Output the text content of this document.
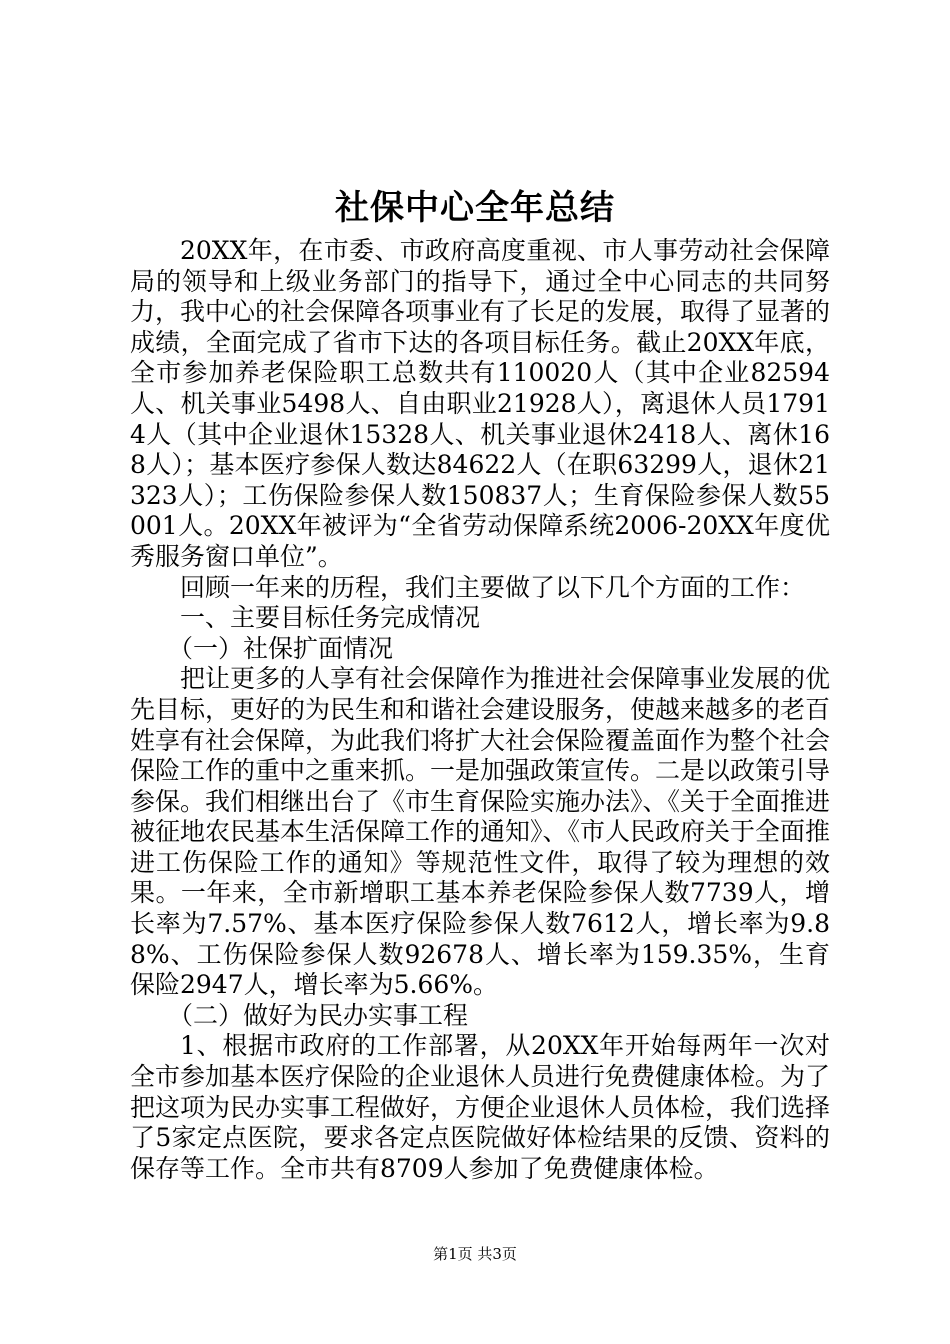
社保中心全年总结

20XX年，在市委、市政府高度重视、市人事劳动社会保障局的领导和上级业务部门的指导下，通过全中心同志的共同努力，我中心的社会保障各项事业有了长足的发展，取得了显著的成绩，全面完成了省市下达的各项目标任务。截止20XX年底，全市参加养老保险职工总数共有110020人（其中企业82594人、机关事业5498人、自由职业21928人），离退休人员17914人（其中企业退休15328人、机关事业退休2418人、离休168人）；基本医疗参保人数达84622人（在职63299人，退休21323人）；工伤保险参保人数150837人；生育保险参保人数55001人。20XX年被评为“全省劳动保障系统2006-20XX年度优秀服务窗口单位”。

回顾一年来的历程，我们主要做了以下几个方面的工作：

一、主要目标任务完成情况

（一）社保扩面情况

把让更多的人享有社会保障作为推进社会保障事业发展的优先目标，更好的为民生和和谐社会建设服务，使越来越多的老百姓享有社会保障，为此我们将扩大社会保险覆盖面作为整个社会保险工作的重中之重来抓。一是加强政策宣传。二是以政策引导参保。我们相继出台了《市生育保险实施办法》、《关于全面推进被征地农民基本生活保障工作的通知》、《市人民政府关于全面推进工伤保险工作的通知》等规范性文件，取得了较为理想的效果。一年来，全市新增职工基本养老保险参保人数7739人，增长率为7.57%、基本医疗保险参保人数7612人，增长率为9.88%、工伤保险参保人数92678人、增长率为159.35%，生育保险2947人，增长率为5.66%。

（二）做好为民办实事工程

1、根据市政府的工作部署，从20XX年开始每两年一次对全市参加基本医疗保险的企业退休人员进行免费健康体检。为了把这项为民办实事工程做好，方便企业退休人员体检，我们选择了5家定点医院，要求各定点医院做好体检结果的反馈、资料的保存等工作。全市共有8709人参加了免费健康体检。

第1页 共3页
